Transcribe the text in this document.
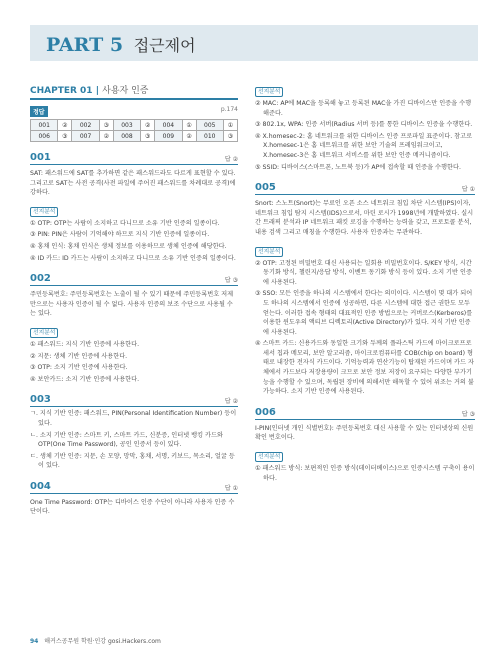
PART 5 접근제어
CHAPTER 01 | 사용자 인증
정답	p.174
001	②	002	③	003	②	004	①	005	①
006	③	007	②	008	③	009	②	010	③
001	답 ②

SAT: 패스워드에 SAT를 추가하면 같은 패스워드라도 다르게 표현할 수 있다. 그리고로 SAT는 사전 공격(사전 파일에 주어진 패스워드를 차례대로 공격)에 강하다.

선지분석

① OTP: OTP는 사람이 소지하고 다니므로 소유 기반 인증의 일종이다.

③ PIN: PIN은 사람이 기억해야 하므로 지식 기반 인증에 일종이다.

④ 홍채 인식: 홍채 인식은 생체 정보를 이용하므로 생체 인증에 해당한다.

④ ID 카드: ID 카드는 사람이 소지하고 다니므로 소유 기반 인증의 일종이다.

002	답 ③

주민등록번호: 주민등록번호는 노출이 될 수 있기 때문에 주민등록번호 저제만으로는 사용자 인증이 될 수 없다. 사용자 인증의 보조 수단으로 사용될 수는 있다.

선지분석

① 패스워드: 지식 기반 인증에 사용한다.

② 지문: 생체 기반 인증에 사용한다.

③ OTP: 소지 기반 인증에 사용한다.

④ 보안카드: 소지 기반 인증에 사용한다.

003	답 ②

ㄱ. 지식 기반 인증: 패스워드, PIN(Personal Identification Number) 등이 있다.

ㄴ. 소지 기반 인증: 스마트 키, 스마트 카드, 신분증, 인터넷 뱅킹 카드와 OTP(One Time Password), 공인 인증서 등이 있다.

ㄷ. 생체 기반 인증: 지문, 손 모양, 망막, 홍채, 서명, 키보드, 목소리, 얼굴 등이 있다.

004	답 ①

One Time Password: OTP는 디바이스 인증 수단이 아니라 사용자 인증 수단이다.

선지분석

② MAC: AP에 MAC을 등록해 놓고 등록된 MAC을 가진 디바이스만 인증을 수행해준다.

③ 802.1x, WPA: 인증 서버(Radius 서버 등)를 통한 디바이스 인증을 수행한다.

④ X.homesec-2: 홈 네트워크를 위한 디바이스 인증 프로파일 표준이다. 참고로 X.homesec-1은 홈 네트워크를 위한 보안 기술의 프레임워크이고, X.homesec-3은 홈 네트워크 서비스를 위한 보안 인증 메커니즘이다.

⑤ SSID: 디바이스(스마트폰, 노트북 등)가 AP에 접속할 때 인증을 수행한다.

005	답 ①

Snort: 스노트(Snort)는 무료인 오픈 소스 네트워크 침입 차단 시스템(IPS)이자, 네트워크 침입 탐지 시스템(IDS)으로서, 마틴 로시가 1998년에 개발하였다. 실시간 트래픽 분석과 IP 네트워크 패킷 로깅을 수행하는 능력을 갖고, 프로토콜 분석, 내용 검색 그리고 매칭을 수행한다. 사용자 인증과는 무관하다.

선지분석

② OTP: 고정된 비밀번호 대신 사용되는 일회용 비밀번호이다. S/KEY 방식, 시간 동기화 방식, 챌린지/응답 방식, 이벤트 동기화 방식 등이 있다. 소지 기반 인증에 사용된다.

③ SSO: 모든 인증을 하나의 시스템에서 한다는 의미이다. 시스템이 몇 대가 되어도 하나의 시스템에서 인증에 성공하면, 다른 시스템에 대한 접근 권한도 모두 얻는다. 이러한 접속 형태의 대표적인 인증 방법으로는 커버로스(Kerberos)를 이용한 윈도우의 액티브 디렉토리(Active Directory)가 있다. 지식 기반 인증에 사용된다.

④ 스마트 카드: 신용카드와 동일한 크기와 두께의 플라스틱 카드에 마이크로프로세서 칩과 메모리, 보안 알고리즘, 마이크로컴퓨터를 COB(chip on board) 형태로 내장한 전자식 카드이다. 기억능력과 연산기능이 탑재된 카드이며 카드 자체에서 카드보다 저장용량이 크므로 보안 정보 저장이 요구되는 다양한 부가기능을 수행할 수 있으며, 독립된 장비에 의해서만 해독할 수 있어 위조는 거의 불가능하다. 소지 기반 인증에 사용된다.

006	답 ③

I-PIN(인터넷 개인 식별번호): 주민등록번호 대신 사용할 수 있는 인터넷상의 신원 확인 번호이다.

선지분석

① 패스워드 방식: 보편적인 인증 방식(데이터베이스)으로 인증시스템 구축이 용이하다.

94 해커스공무원 학원·인강 gosi.Hackers.com
